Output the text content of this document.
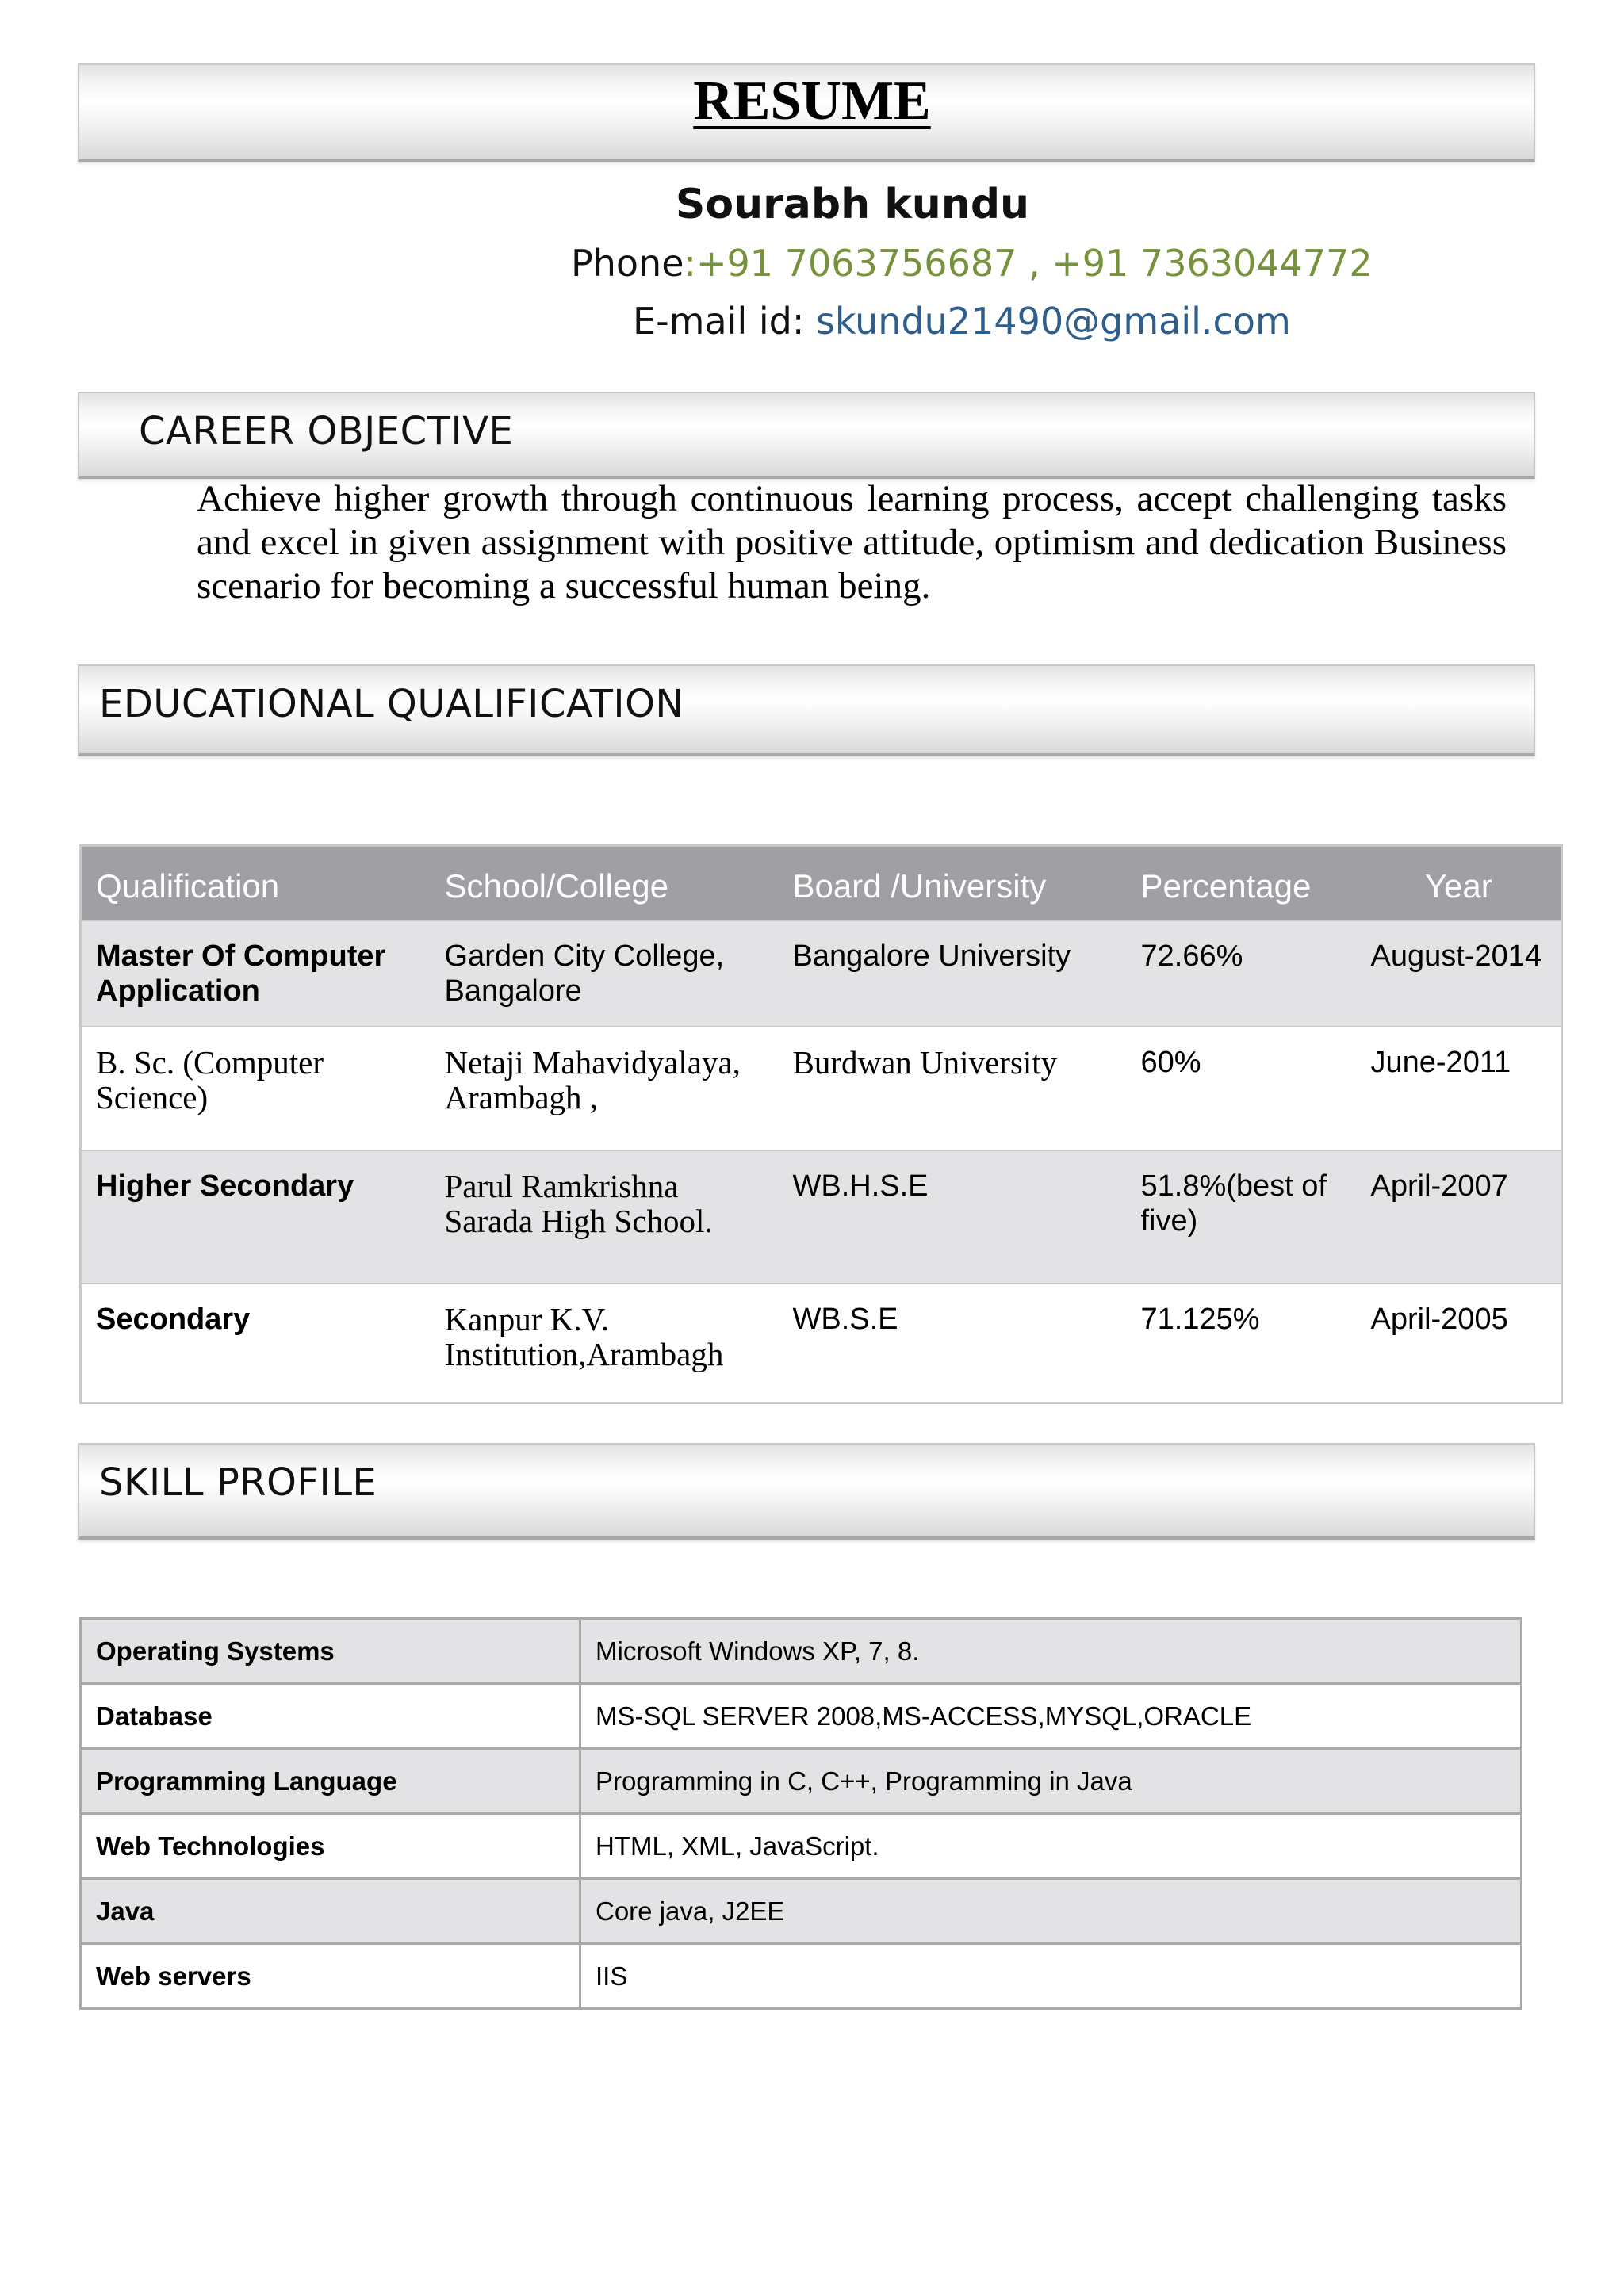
RESUME
Sourabh kundu
Phone:+91 7063756687 , +91 7363044772
E-mail id: skundu21490@gmail.com
CAREER OBJECTIVE
Achieve higher growth through continuous learning process, accept challenging tasks and excel in given assignment with positive attitude, optimism and dedication Business scenario for becoming a successful human being.
EDUCATIONAL QUALIFICATION
Qualification	School/College	Board /University	Percentage	Year
Master Of Computer Application	Garden City College, Bangalore	Bangalore University	72.66%	August-2014
B. Sc. (Computer Science)	Netaji Mahavidyalaya, Arambagh ,	Burdwan University	60%	June-2011
Higher Secondary	Parul Ramkrishna Sarada High School.	WB.H.S.E	51.8%(best of five)	April-2007
Secondary	Kanpur K.V. Institution,Arambagh	WB.S.E	71.125%	April-2005
SKILL PROFILE
Operating Systems	Microsoft Windows XP, 7, 8.
Database	MS-SQL SERVER 2008,MS-ACCESS,MYSQL,ORACLE
Programming Language	Programming in C, C++, Programming in Java
Web Technologies	HTML, XML, JavaScript.
Java	Core java, J2EE
Web servers	IIS
